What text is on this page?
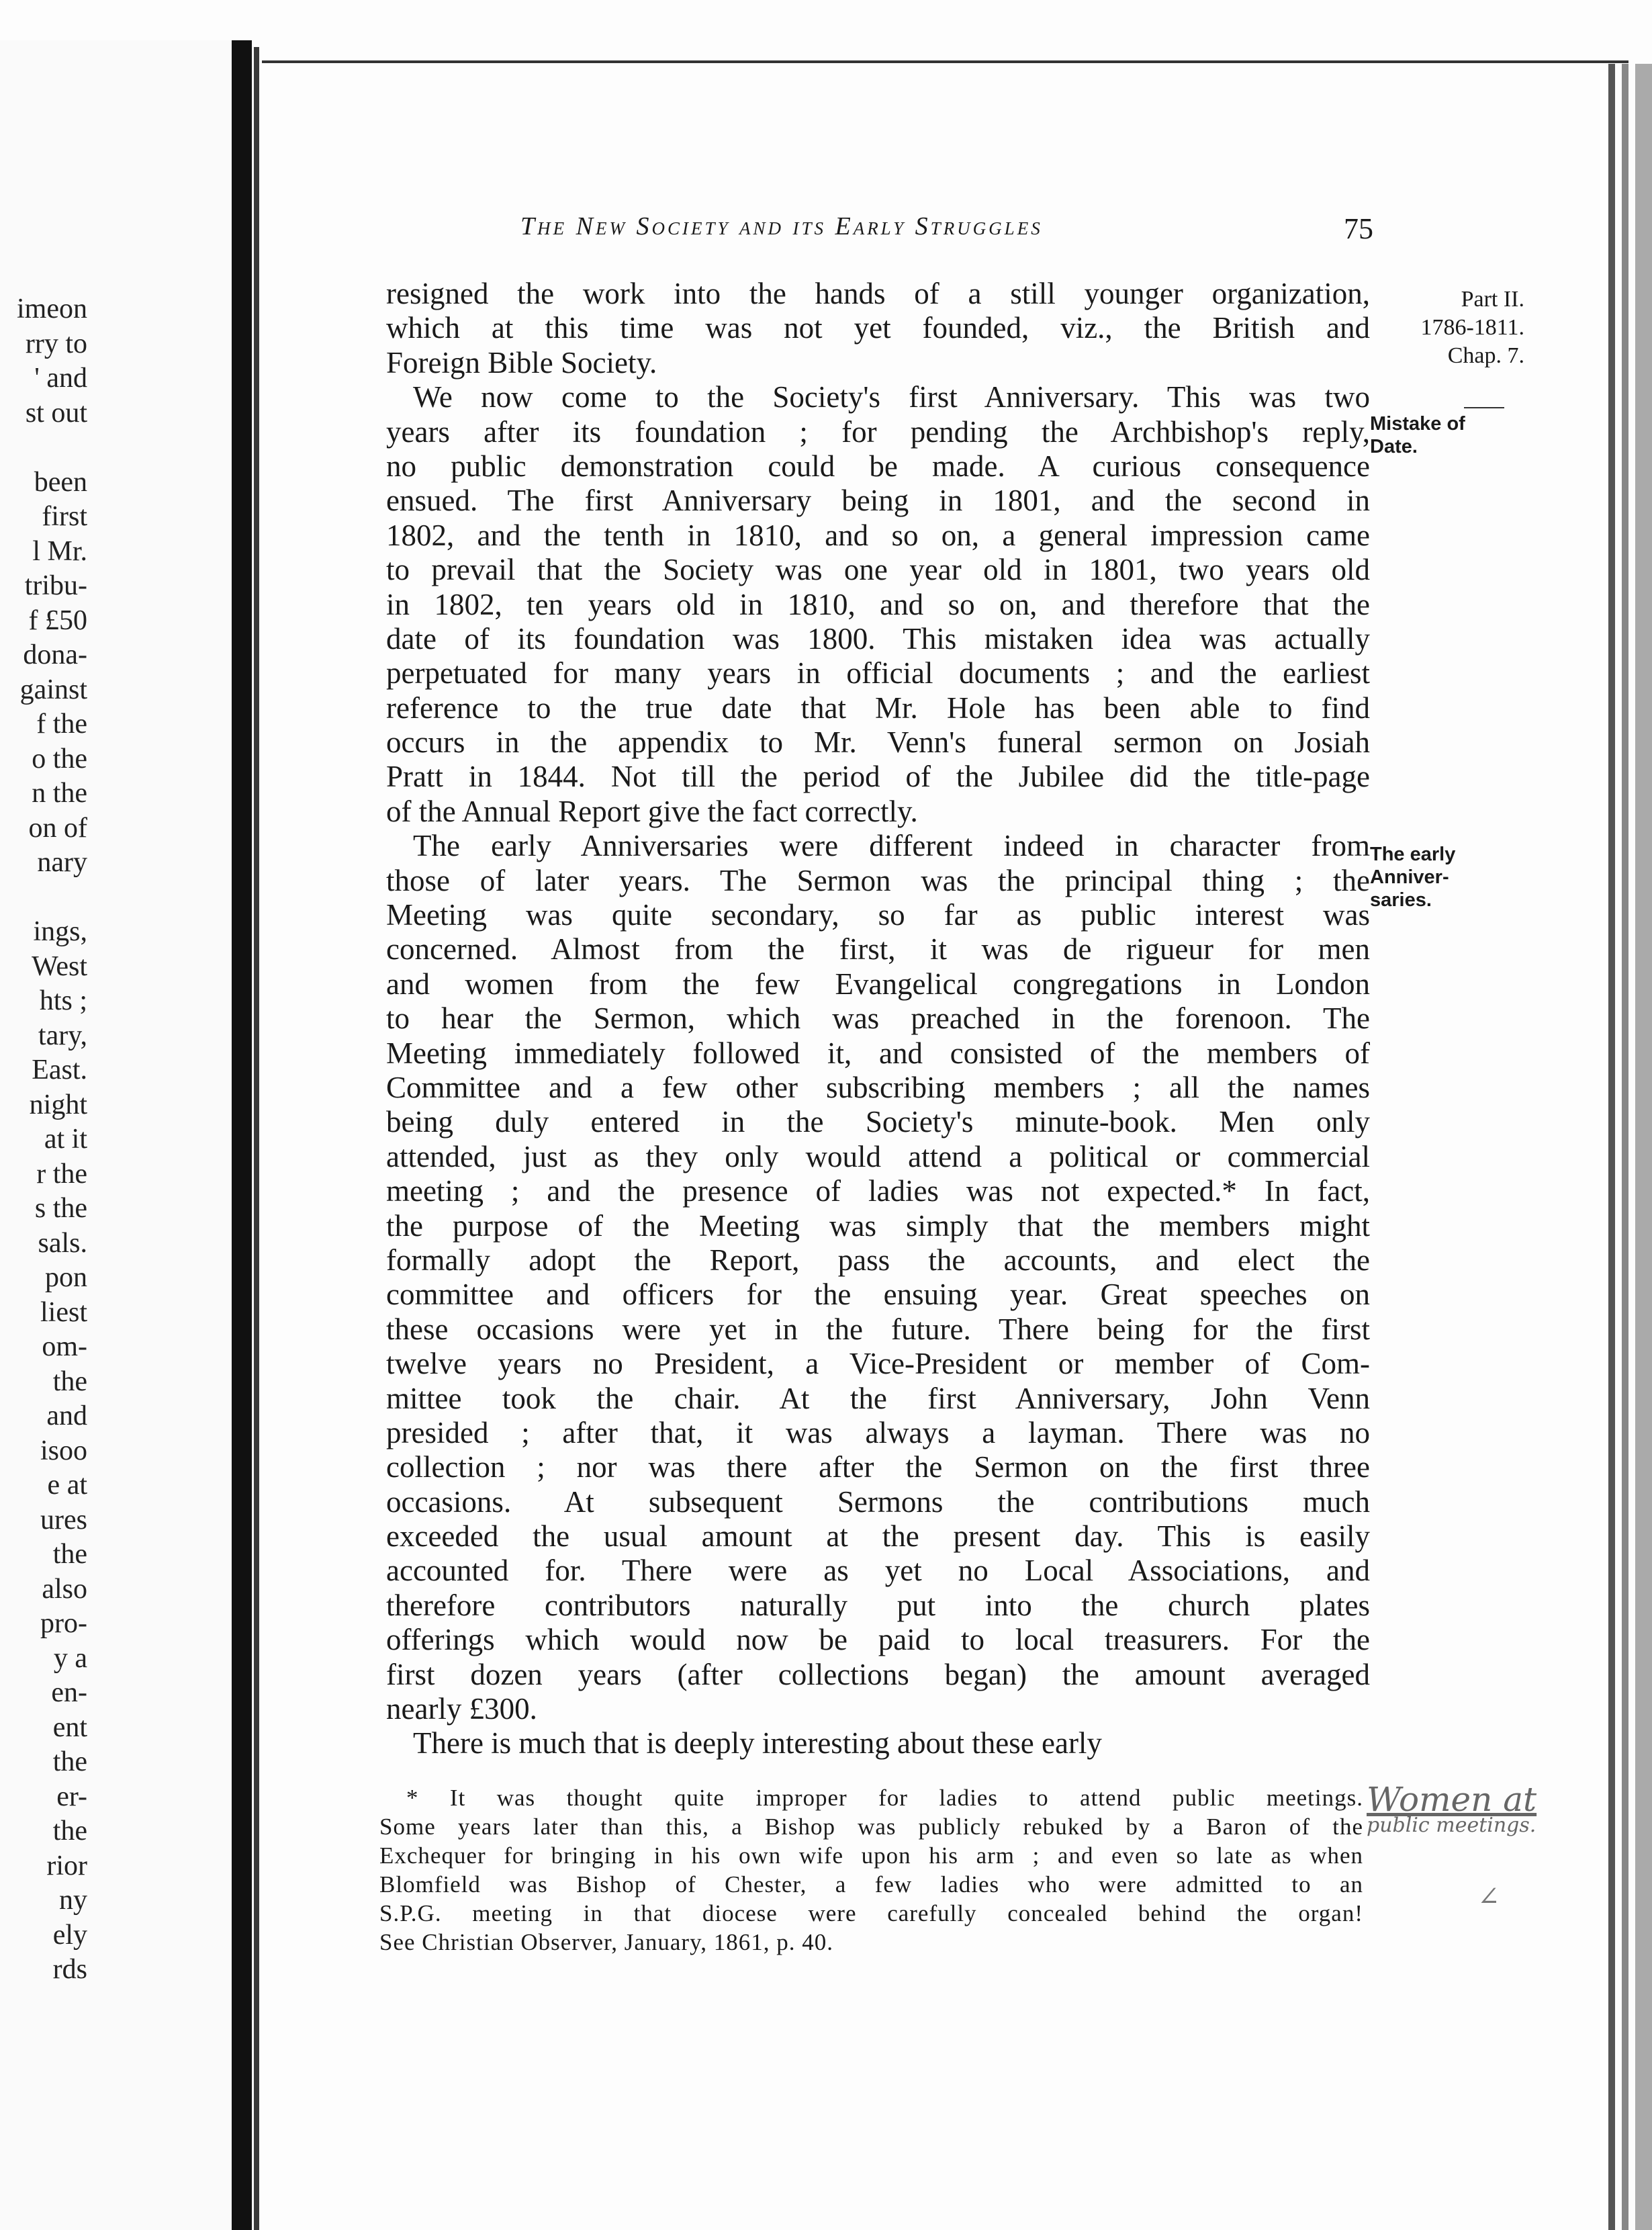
imeon
rry to
' and
st out

been
first
l Mr.
tribu-
f £50
dona-
gainst
f the
o the
n the
on of
nary

ings,
West
hts ;
tary,
East.
night
at it
r the
s the
sals.
pon
liest
om-
the
and
isoo
e at
ures
the
also
pro-
y a
en-
ent
the
er-
the
rior
ny
ely
rds
The New Society and its Early Struggles	75
resigned the work into the hands of a still younger organization,
which at this time was not yet founded, viz., the British and
Foreign Bible Society.
We now come to the Society's first Anniversary. This was two
years after its foundation ; for pending the Archbishop's reply,
no public demonstration could be made. A curious consequence
ensued. The first Anniversary being in 1801, and the second in
1802, and the tenth in 1810, and so on, a general impression came
to prevail that the Society was one year old in 1801, two years old
in 1802, ten years old in 1810, and so on, and therefore that the
date of its foundation was 1800. This mistaken idea was actually
perpetuated for many years in official documents ; and the earliest
reference to the true date that Mr. Hole has been able to find
occurs in the appendix to Mr. Venn's funeral sermon on Josiah
Pratt in 1844. Not till the period of the Jubilee did the title-page
of the Annual Report give the fact correctly.
The early Anniversaries were different indeed in character from
those of later years. The Sermon was the principal thing ; the
Meeting was quite secondary, so far as public interest was
concerned. Almost from the first, it was de rigueur for men
and women from the few Evangelical congregations in London
to hear the Sermon, which was preached in the forenoon. The
Meeting immediately followed it, and consisted of the members of
Committee and a few other subscribing members ; all the names
being duly entered in the Society's minute-book. Men only
attended, just as they only would attend a political or commercial
meeting ; and the presence of ladies was not expected.* In fact,
the purpose of the Meeting was simply that the members might
formally adopt the Report, pass the accounts, and elect the
committee and officers for the ensuing year. Great speeches on
these occasions were yet in the future. There being for the first
twelve years no President, a Vice-President or member of Com-
mittee took the chair. At the first Anniversary, John Venn
presided ; after that, it was always a layman. There was no
collection ; nor was there after the Sermon on the first three
occasions. At subsequent Sermons the contributions much
exceeded the usual amount at the present day. This is easily
accounted for. There were as yet no Local Associations, and
therefore contributors naturally put into the church plates
offerings which would now be paid to local treasurers. For the
first dozen years (after collections began) the amount averaged
nearly £300.
There is much that is deeply interesting about these early
Part II.
1786-1811.
Chap. 7.
Mistake of
Date.
The early
Anniver-
saries.
* It was thought quite improper for ladies to attend public meetings.
Some years later than this, a Bishop was publicly rebuked by a Baron of the
Exchequer for bringing in his own wife upon his arm ; and even so late as when
Blomfield was Bishop of Chester, a few ladies who were admitted to an
S.P.G. meeting in that diocese were carefully concealed behind the organ!
See Christian Observer, January, 1861, p. 40.
Women at
public meetings.
∠
